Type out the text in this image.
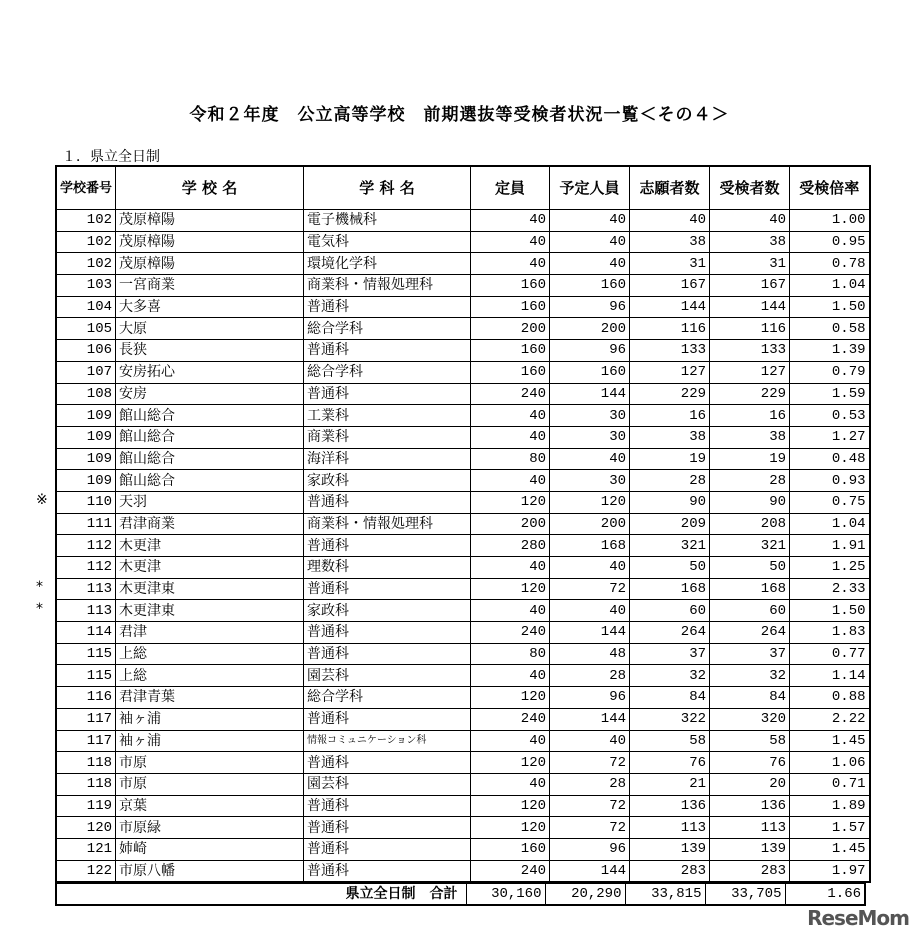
令和２年度　公立高等学校　前期選抜等受検者状況一覧＜その４＞
１．県立全日制
学校番号	学 校 名	学 科 名	定員	予定人員	志願者数	受検者数	受検倍率
102	茂原樟陽	電子機械科	40	40	40	40	1.00
102	茂原樟陽	電気科	40	40	38	38	0.95
102	茂原樟陽	環境化学科	40	40	31	31	0.78
103	一宮商業	商業科・情報処理科	160	160	167	167	1.04
104	大多喜	普通科	160	96	144	144	1.50
105	大原	総合学科	200	200	116	116	0.58
106	長狭	普通科	160	96	133	133	1.39
107	安房拓心	総合学科	160	160	127	127	0.79
108	安房	普通科	240	144	229	229	1.59
109	館山総合	工業科	40	30	16	16	0.53
109	館山総合	商業科	40	30	38	38	1.27
109	館山総合	海洋科	80	40	19	19	0.48
109	館山総合	家政科	40	30	28	28	0.93
110	天羽	普通科	120	120	90	90	0.75
111	君津商業	商業科・情報処理科	200	200	209	208	1.04
112	木更津	普通科	280	168	321	321	1.91
112	木更津	理数科	40	40	50	50	1.25
113	木更津東	普通科	120	72	168	168	2.33
113	木更津東	家政科	40	40	60	60	1.50
114	君津	普通科	240	144	264	264	1.83
115	上総	普通科	80	48	37	37	0.77
115	上総	園芸科	40	28	32	32	1.14
116	君津青葉	総合学科	120	96	84	84	0.88
117	袖ヶ浦	普通科	240	144	322	320	2.22
117	袖ヶ浦	情報コミュニケーション科	40	40	58	58	1.45
118	市原	普通科	120	72	76	76	1.06
118	市原	園芸科	40	28	21	20	0.71
119	京葉	普通科	120	72	136	136	1.89
120	市原緑	普通科	120	72	113	113	1.57
121	姉崎	普通科	160	96	139	139	1.45
122	市原八幡	普通科	240	144	283	283	1.97
※
*
*
県立全日制　合計	30,160	20,290	33,815	33,705	1.66
ReseMom
